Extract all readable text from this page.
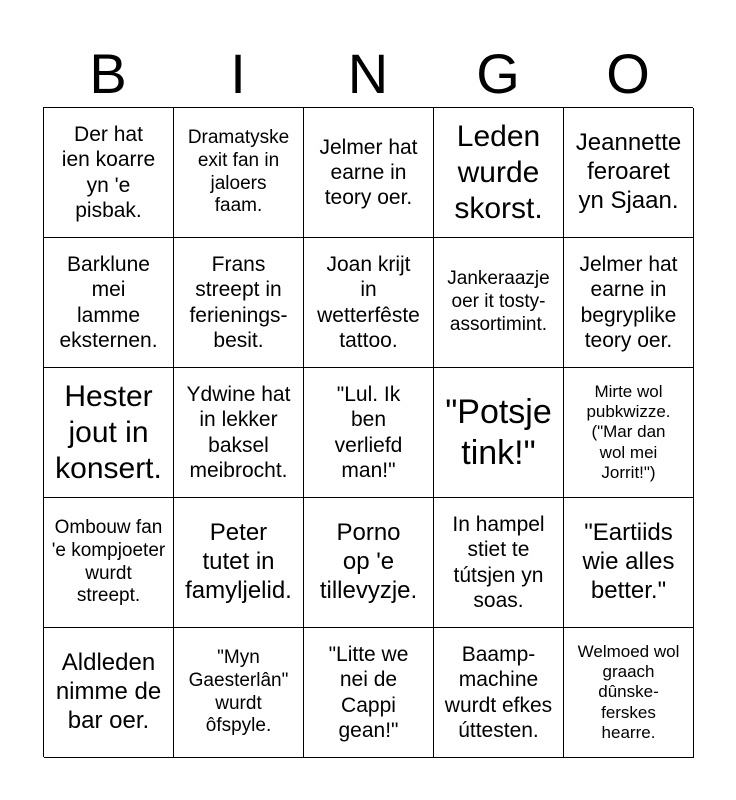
B	I	N	G	O
Der hat
ien koarre
yn 'e
pisbak.
Dramatyske
exit fan in
jaloers
faam.
Jelmer hat
earne in
teory oer.
Leden
wurde
skorst.
Jeannette
feroaret
yn Sjaan.
Barklune
mei
lamme
eksternen.
Frans
streept in
ferienings-
besit.
Joan krijt
in
wetterfêste
tattoo.
Jankeraazje
oer it tosty-
assortimint.
Jelmer hat
earne in
begryplike
teory oer.
Hester
jout in
konsert.
Ydwine hat
in lekker
baksel
meibrocht.
"Lul. Ik
ben
verliefd
man!"
"Potsje
tink!"
Mirte wol
pubkwizze.
("Mar dan
wol mei
Jorrit!")
Ombouw fan
'e kompjoeter
wurdt
streept.
Peter
tutet in
famyljelid.
Porno
op 'e
tillevyzje.
In hampel
stiet te
tútsjen yn
soas.
"Eartiids
wie alles
better."
Aldleden
nimme de
bar oer.
"Myn
Gaesterlân"
wurdt
ôfspyle.
"Litte we
nei de
Cappi
gean!"
Baamp-
machine
wurdt efkes
úttesten.
Welmoed wol
graach
dûnske-
ferskes
hearre.
